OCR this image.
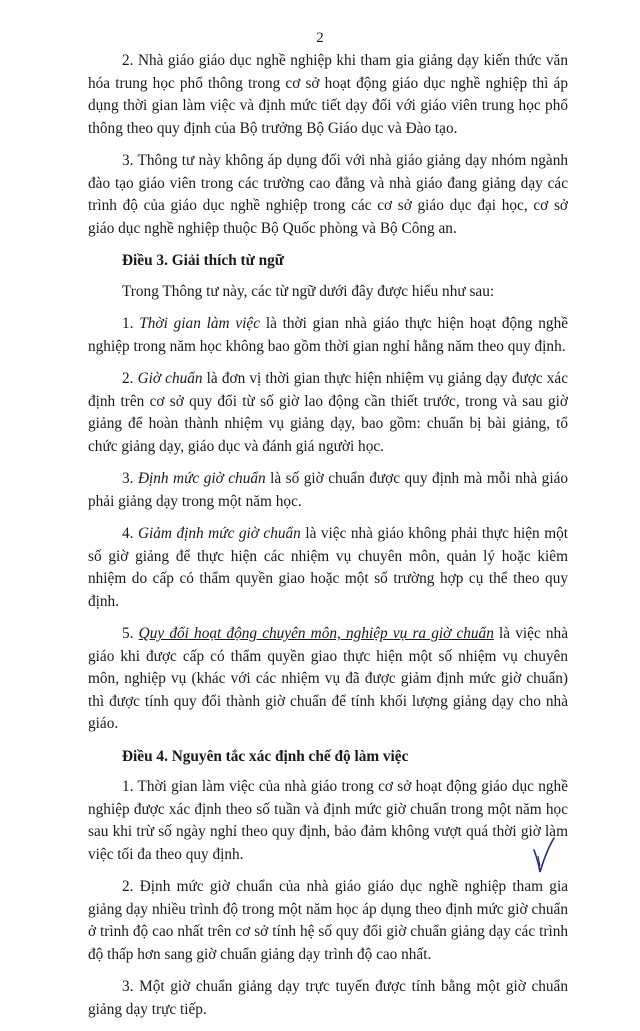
2

2. Nhà giáo giáo dục nghề nghiệp khi tham gia giảng dạy kiến thức văn hóa trung học phổ thông trong cơ sở hoạt động giáo dục nghề nghiệp thì áp dụng thời gian làm việc và định mức tiết dạy đối với giáo viên trung học phổ thông theo quy định của Bộ trưởng Bộ Giáo dục và Đào tạo.

3. Thông tư này không áp dụng đối với nhà giáo giảng dạy nhóm ngành đào tạo giáo viên trong các trường cao đẳng và nhà giáo đang giảng dạy các trình độ của giáo dục nghề nghiệp trong các cơ sở giáo dục đại học, cơ sở giáo dục nghề nghiệp thuộc Bộ Quốc phòng và Bộ Công an.

Điều 3. Giải thích từ ngữ

Trong Thông tư này, các từ ngữ dưới đây được hiểu như sau:

1. Thời gian làm việc là thời gian nhà giáo thực hiện hoạt động nghề nghiệp trong năm học không bao gồm thời gian nghỉ hằng năm theo quy định.

2. Giờ chuẩn là đơn vị thời gian thực hiện nhiệm vụ giảng dạy được xác định trên cơ sở quy đổi từ số giờ lao động cần thiết trước, trong và sau giờ giảng để hoàn thành nhiệm vụ giảng dạy, bao gồm: chuẩn bị bài giảng, tổ chức giảng dạy, giáo dục và đánh giá người học.

3. Định mức giờ chuẩn là số giờ chuẩn được quy định mà mỗi nhà giáo phải giảng dạy trong một năm học.

4. Giảm định mức giờ chuẩn là việc nhà giáo không phải thực hiện một số giờ giảng để thực hiện các nhiệm vụ chuyên môn, quản lý hoặc kiêm nhiệm do cấp có thẩm quyền giao hoặc một số trường hợp cụ thể theo quy định.

5. Quy đổi hoạt động chuyên môn, nghiệp vụ ra giờ chuẩn là việc nhà giáo khi được cấp có thẩm quyền giao thực hiện một số nhiệm vụ chuyên môn, nghiệp vụ (khác với các nhiệm vụ đã được giảm định mức giờ chuẩn) thì được tính quy đổi thành giờ chuẩn để tính khối lượng giảng dạy cho nhà giáo.

Điều 4. Nguyên tắc xác định chế độ làm việc

1. Thời gian làm việc của nhà giáo trong cơ sở hoạt động giáo dục nghề nghiệp được xác định theo số tuần và định mức giờ chuẩn trong một năm học sau khi trừ số ngày nghỉ theo quy định, bảo đảm không vượt quá thời giờ làm việc tối đa theo quy định.

2. Định mức giờ chuẩn của nhà giáo giáo dục nghề nghiệp tham gia giảng dạy nhiều trình độ trong một năm học áp dụng theo định mức giờ chuẩn ở trình độ cao nhất trên cơ sở tính hệ số quy đổi giờ chuẩn giảng dạy các trình độ thấp hơn sang giờ chuẩn giảng dạy trình độ cao nhất.

3. Một giờ chuẩn giảng dạy trực tuyến được tính bằng một giờ chuẩn giảng dạy trực tiếp.
